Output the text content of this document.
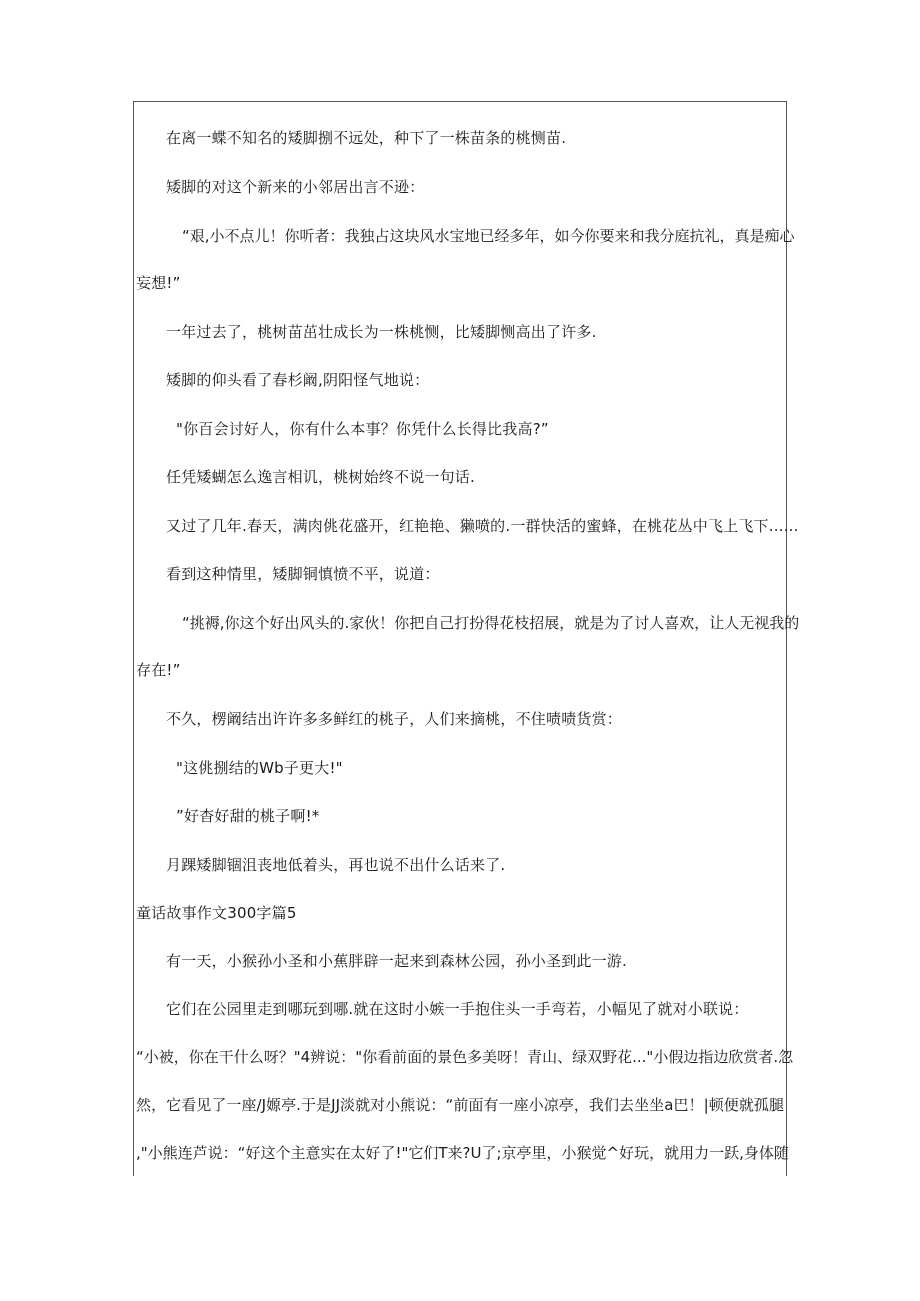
在离一蝶不知名的矮脚捌不远处，种下了一株苗条的桃恻苗.
矮脚的对这个新来的小邻居出言不逊：
“艰,小不点儿！你听者：我独占这块风水宝地已经多年，如今你要来和我分庭抗礼，真是痴心
妄想!”
一年过去了，桃树苗茁壮成长为一株桃恻，比矮脚恻高出了许多.
矮脚的仰头看了春杉阚,阴阳怪气地说：
"你百会讨好人，你有什么本事？你凭什么长得比我高?”
任凭矮蝴怎么逸言相讥，桃树始终不说一句话.
又过了几年.春天，满肉佻花盛开，红艳艳、獭喷的.一群快活的蜜蜂，在桃花丛中飞上飞下......
看到这种情里，矮脚铜慎愤不平，说道：
“挑褥,你这个好出风头的.家伙！你把自己打扮得花枝招展，就是为了讨人喜欢，让人无视我的
存在!”
不久，楞阚结出许许多多鲜红的桃子，人们来摘桃，不住啧啧货赏：
"这佻捌结的Wb子更大!"
”好杳好甜的桃子啊!*
月踝矮脚锢沮丧地低着头，再也说不出什么话来了.
童话故事作文300字篇5
有一天，小猴孙小圣和小蕉胖辟一起来到森林公园，孙小圣到此一游.
它们在公园里走到哪玩到哪.就在这时小嫉一手抱住头一手弯若，小幅见了就对小联说：
“小被，你在干什么呀？"4辨说："你看前面的景色多美呀！青山、绿双野花..."小假边指边欣赏者.忽
然，它看见了一座/J嫄亭.于是JJ淡就对小熊说：“前面有一座小凉亭，我们去坐坐a巴！|顿便就孤腿
,"小熊连芦说：“好这个主意实在太好了!"它们T来?U了;京亭里，小猴觉^好玩，就用力一跃,身体随
